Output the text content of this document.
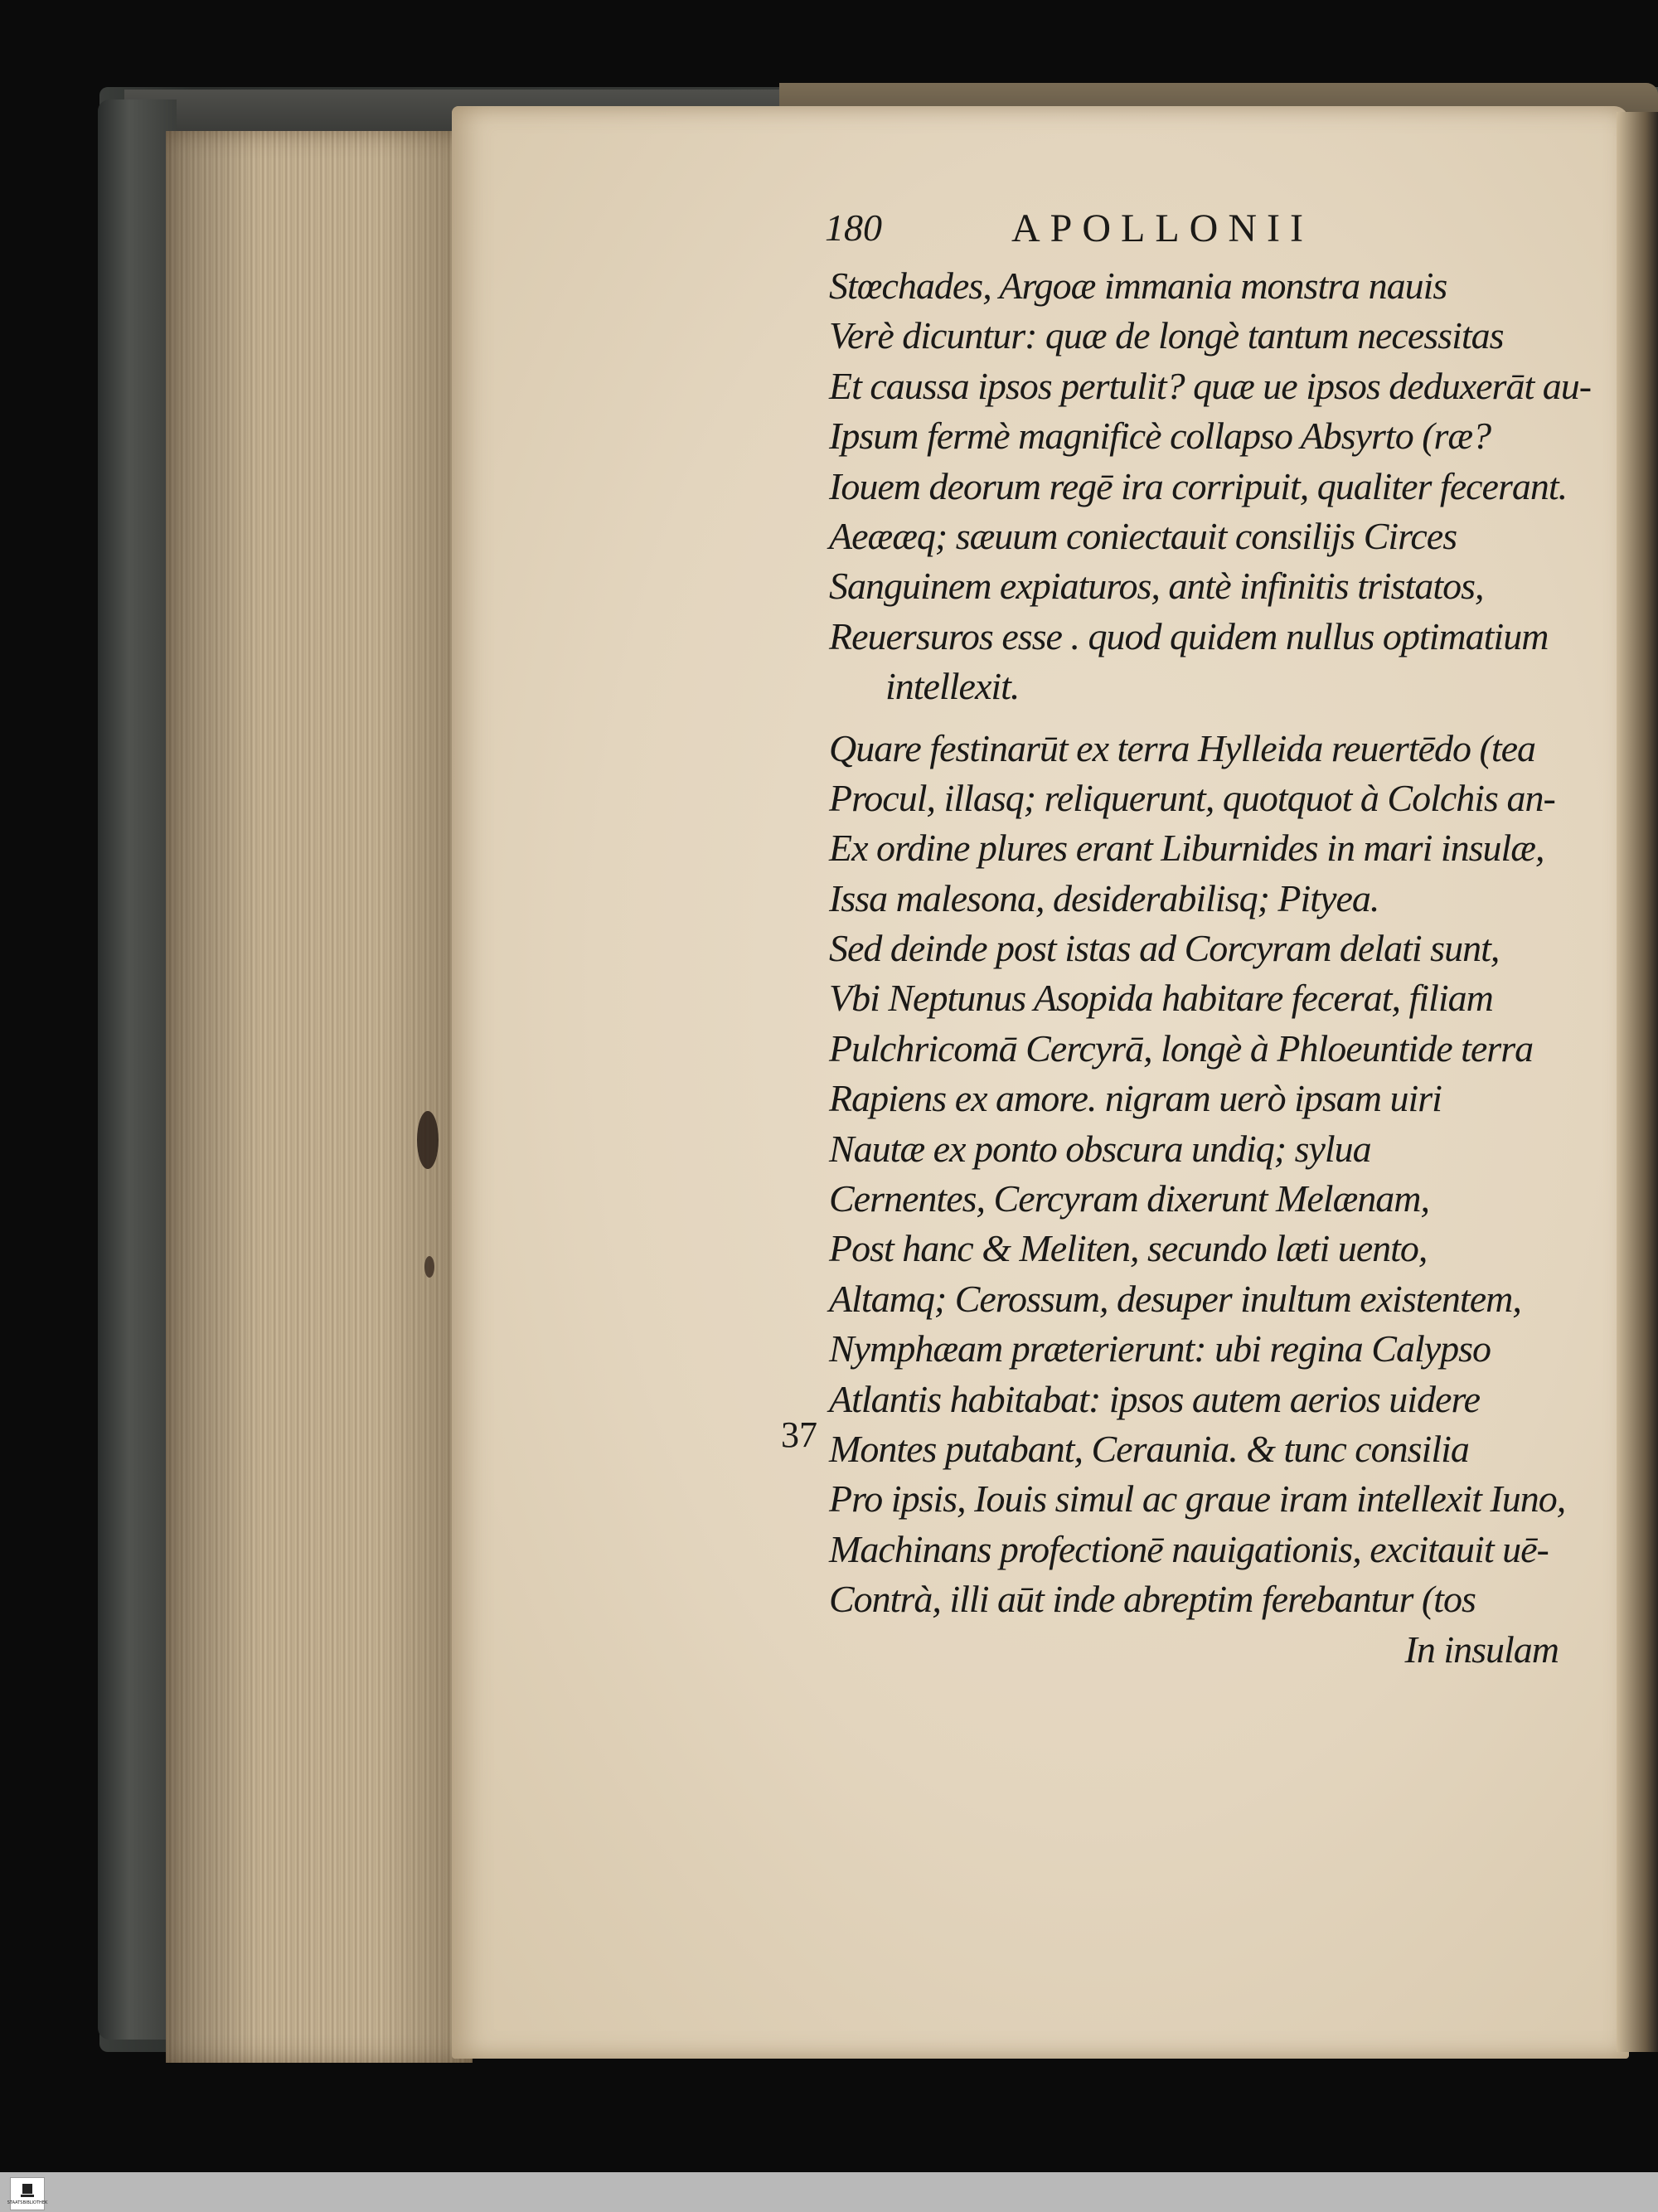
180	APOLLONII
Stœchades, Argoæ immania monstra nauis
Verè dicuntur: quæ de longè tantum necessitas
Et caussa ipsos pertulit? quæ ue ipsos deduxerāt au-
Ipsum fermè magnificè collapso Absyrto (ræ?
Iouem deorum regē ira corripuit, qualiter fecerant.
Aeææq; sæuum coniectauit consilijs Circes
Sanguinem expiaturos, antè infinitis tristatos,
Reuersuros esse . quod quidem nullus optimatium
intellexit.
Quare festinarūt ex terra Hylleida reuertēdo (tea
Procul, illasq; reliquerunt, quotquot à Colchis an-
Ex ordine plures erant Liburnides in mari insulæ,
Issa malesona, desiderabilisq; Pityea.
Sed deinde post istas ad Corcyram delati sunt,
Vbi Neptunus Asopida habitare fecerat, filiam
Pulchricomā Cercyrā, longè à Phloeuntide terra
Rapiens ex amore. nigram uerò ipsam uiri
Nautæ ex ponto obscura undiq; sylua
Cernentes, Cercyram dixerunt Melænam,
Post hanc & Meliten, secundo læti uento,
Altamq; Cerossum, desuper inultum existentem,
Nymphæam præterierunt: ubi regina Calypso
Atlantis habitabat: ipsos autem aerios uidere
Montes putabant, Ceraunia. & tunc consilia
Pro ipsis, Iouis simul ac graue iram intellexit Iuno,
Machinans profectionē nauigationis, excitauit uē-
Contrà, illi aūt inde abreptim ferebantur (tos
In insulam
37
STAATSBIBLIOTHEK
